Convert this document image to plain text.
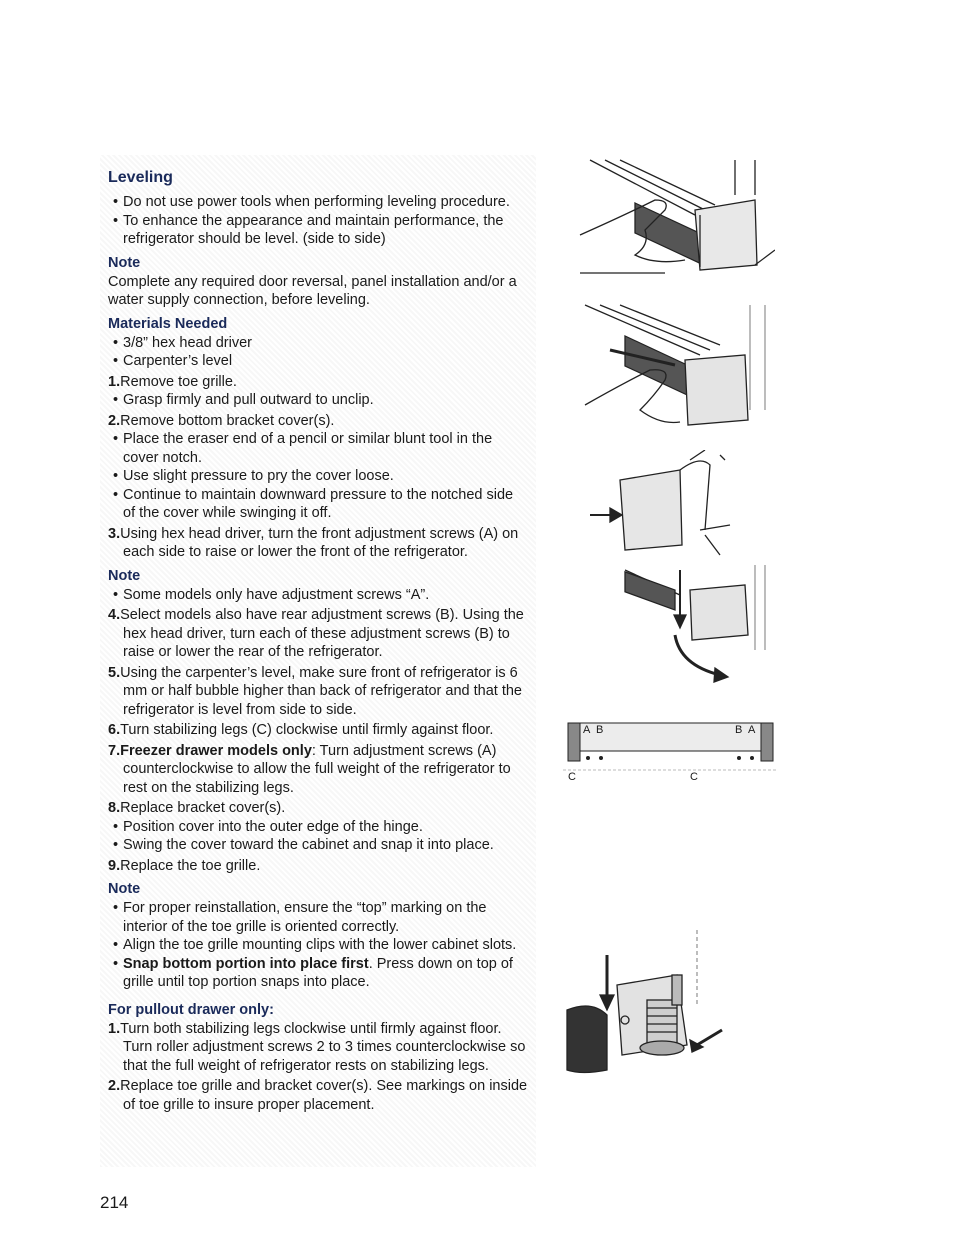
Leveling
• Do not use power tools when performing leveling procedure.
• To enhance the appearance and maintain performance, the refrigerator should be level. (side to side)
Note
Complete any required door reversal, panel installation and/or a water supply connection, before leveling.
Materials Needed
• 3/8” hex head driver
• Carpenter’s level
1.Remove toe grille.
• Grasp firmly and pull outward to unclip.
2.Remove bottom bracket cover(s).
• Place the eraser end of a pencil or similar blunt tool in the cover notch.
• Use slight pressure to pry the cover loose.
• Continue to maintain downward pressure to the notched side of the cover while swinging it off.
3.Using hex head driver, turn the front adjustment screws (A) on each side to raise or lower the front of the refrigerator.
Note
• Some models only have adjustment screws “A”.
4.Select models also have rear adjustment screws (B). Using the hex head driver, turn each of these adjustment screws (B) to raise or lower the rear of the refrigerator.
5.Using the carpenter’s level, make sure front of refrigerator is 6 mm or half bubble higher than back of refrigerator and that the refrigerator is level from side to side.
6.Turn stabilizing legs (C) clockwise until firmly against floor.
7.Freezer drawer models only: Turn adjustment screws (A) counterclockwise to allow the full weight of the refrigerator to rest on the stabilizing legs.
8.Replace bracket cover(s).
• Position cover into the outer edge of the hinge.
• Swing the cover toward the cabinet and snap it into place.
9.Replace the toe grille.
Note
• For proper reinstallation, ensure the “top” marking on the interior of the toe grille is oriented correctly.
• Align the toe grille mounting clips with the lower cabinet slots.
• Snap bottom portion into place first. Press down on top of grille until top portion snaps into place.
For pullout drawer only:
1.Turn both stabilizing legs clockwise until firmly against floor. Turn roller adjustment screws 2 to 3 times counterclockwise so that the full weight of refrigerator rests on stabilizing legs.
2.Replace toe grille and bracket cover(s). See markings on inside of toe grille to insure proper placement.
A B	B A
C	C
214
